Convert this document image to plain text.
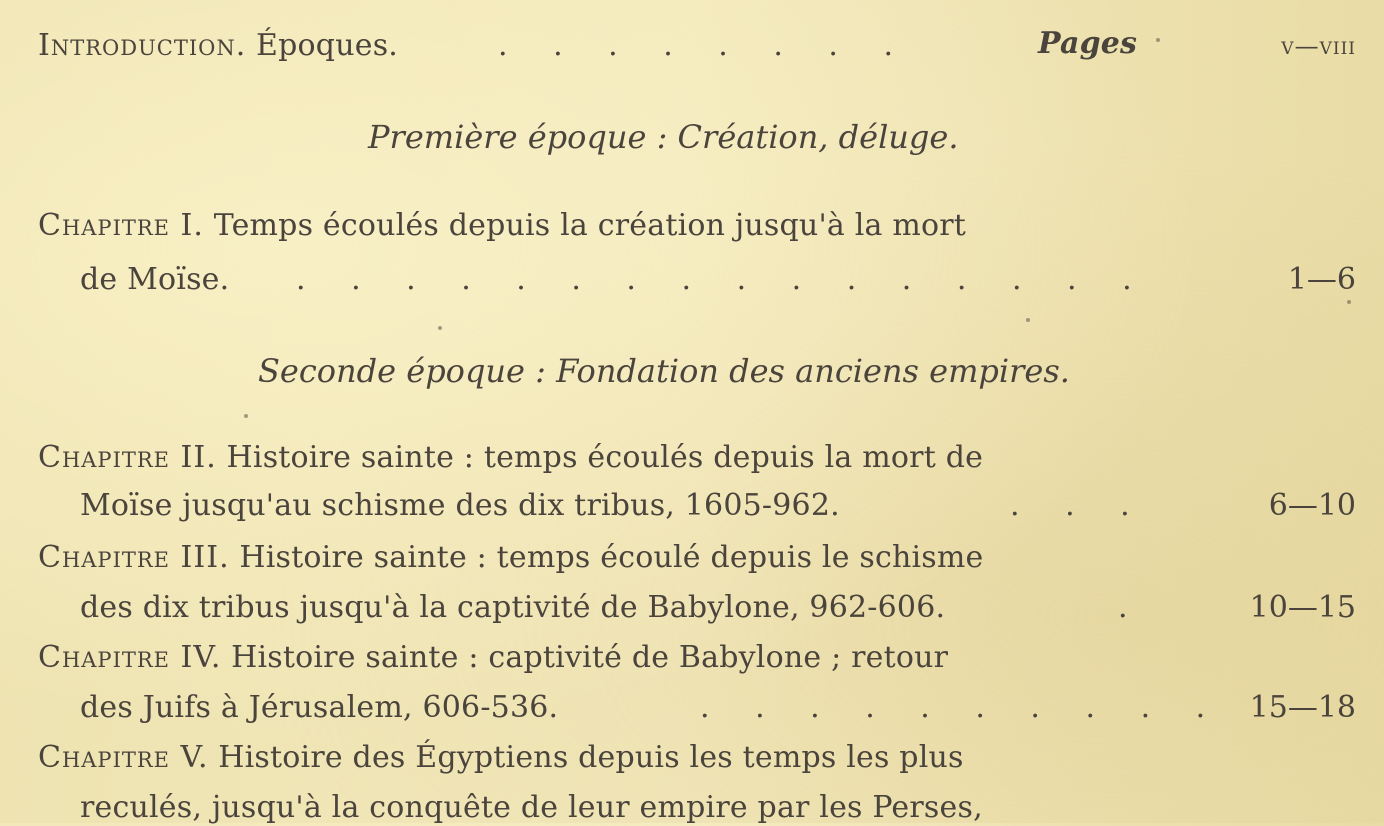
Introduction. Époques.	. . . . . . . .	Pages	v—viii
Première époque : Création, déluge.
Chapitre I. Temps écoulés depuis la création jusqu'à la mort
de Moïse. . . . . . . . . . . . . . . . .	1—6
Seconde époque : Fondation des anciens empires.
Chapitre II. Histoire sainte : temps écoulés depuis la mort de
Moïse jusqu'au schisme des dix tribus, 1605-962.	. . .	6—10
Chapitre III. Histoire sainte : temps écoulé depuis le schisme
des dix tribus jusqu'à la captivité de Babylone, 962-606.	.	10—15
Chapitre IV. Histoire sainte : captivité de Babylone ; retour
des Juifs à Jérusalem, 606-536.	. . . . . . . . . . 15—18
Chapitre V. Histoire des Égyptiens depuis les temps les plus
reculés, jusqu'à la conquête de leur empire par les Perses,
